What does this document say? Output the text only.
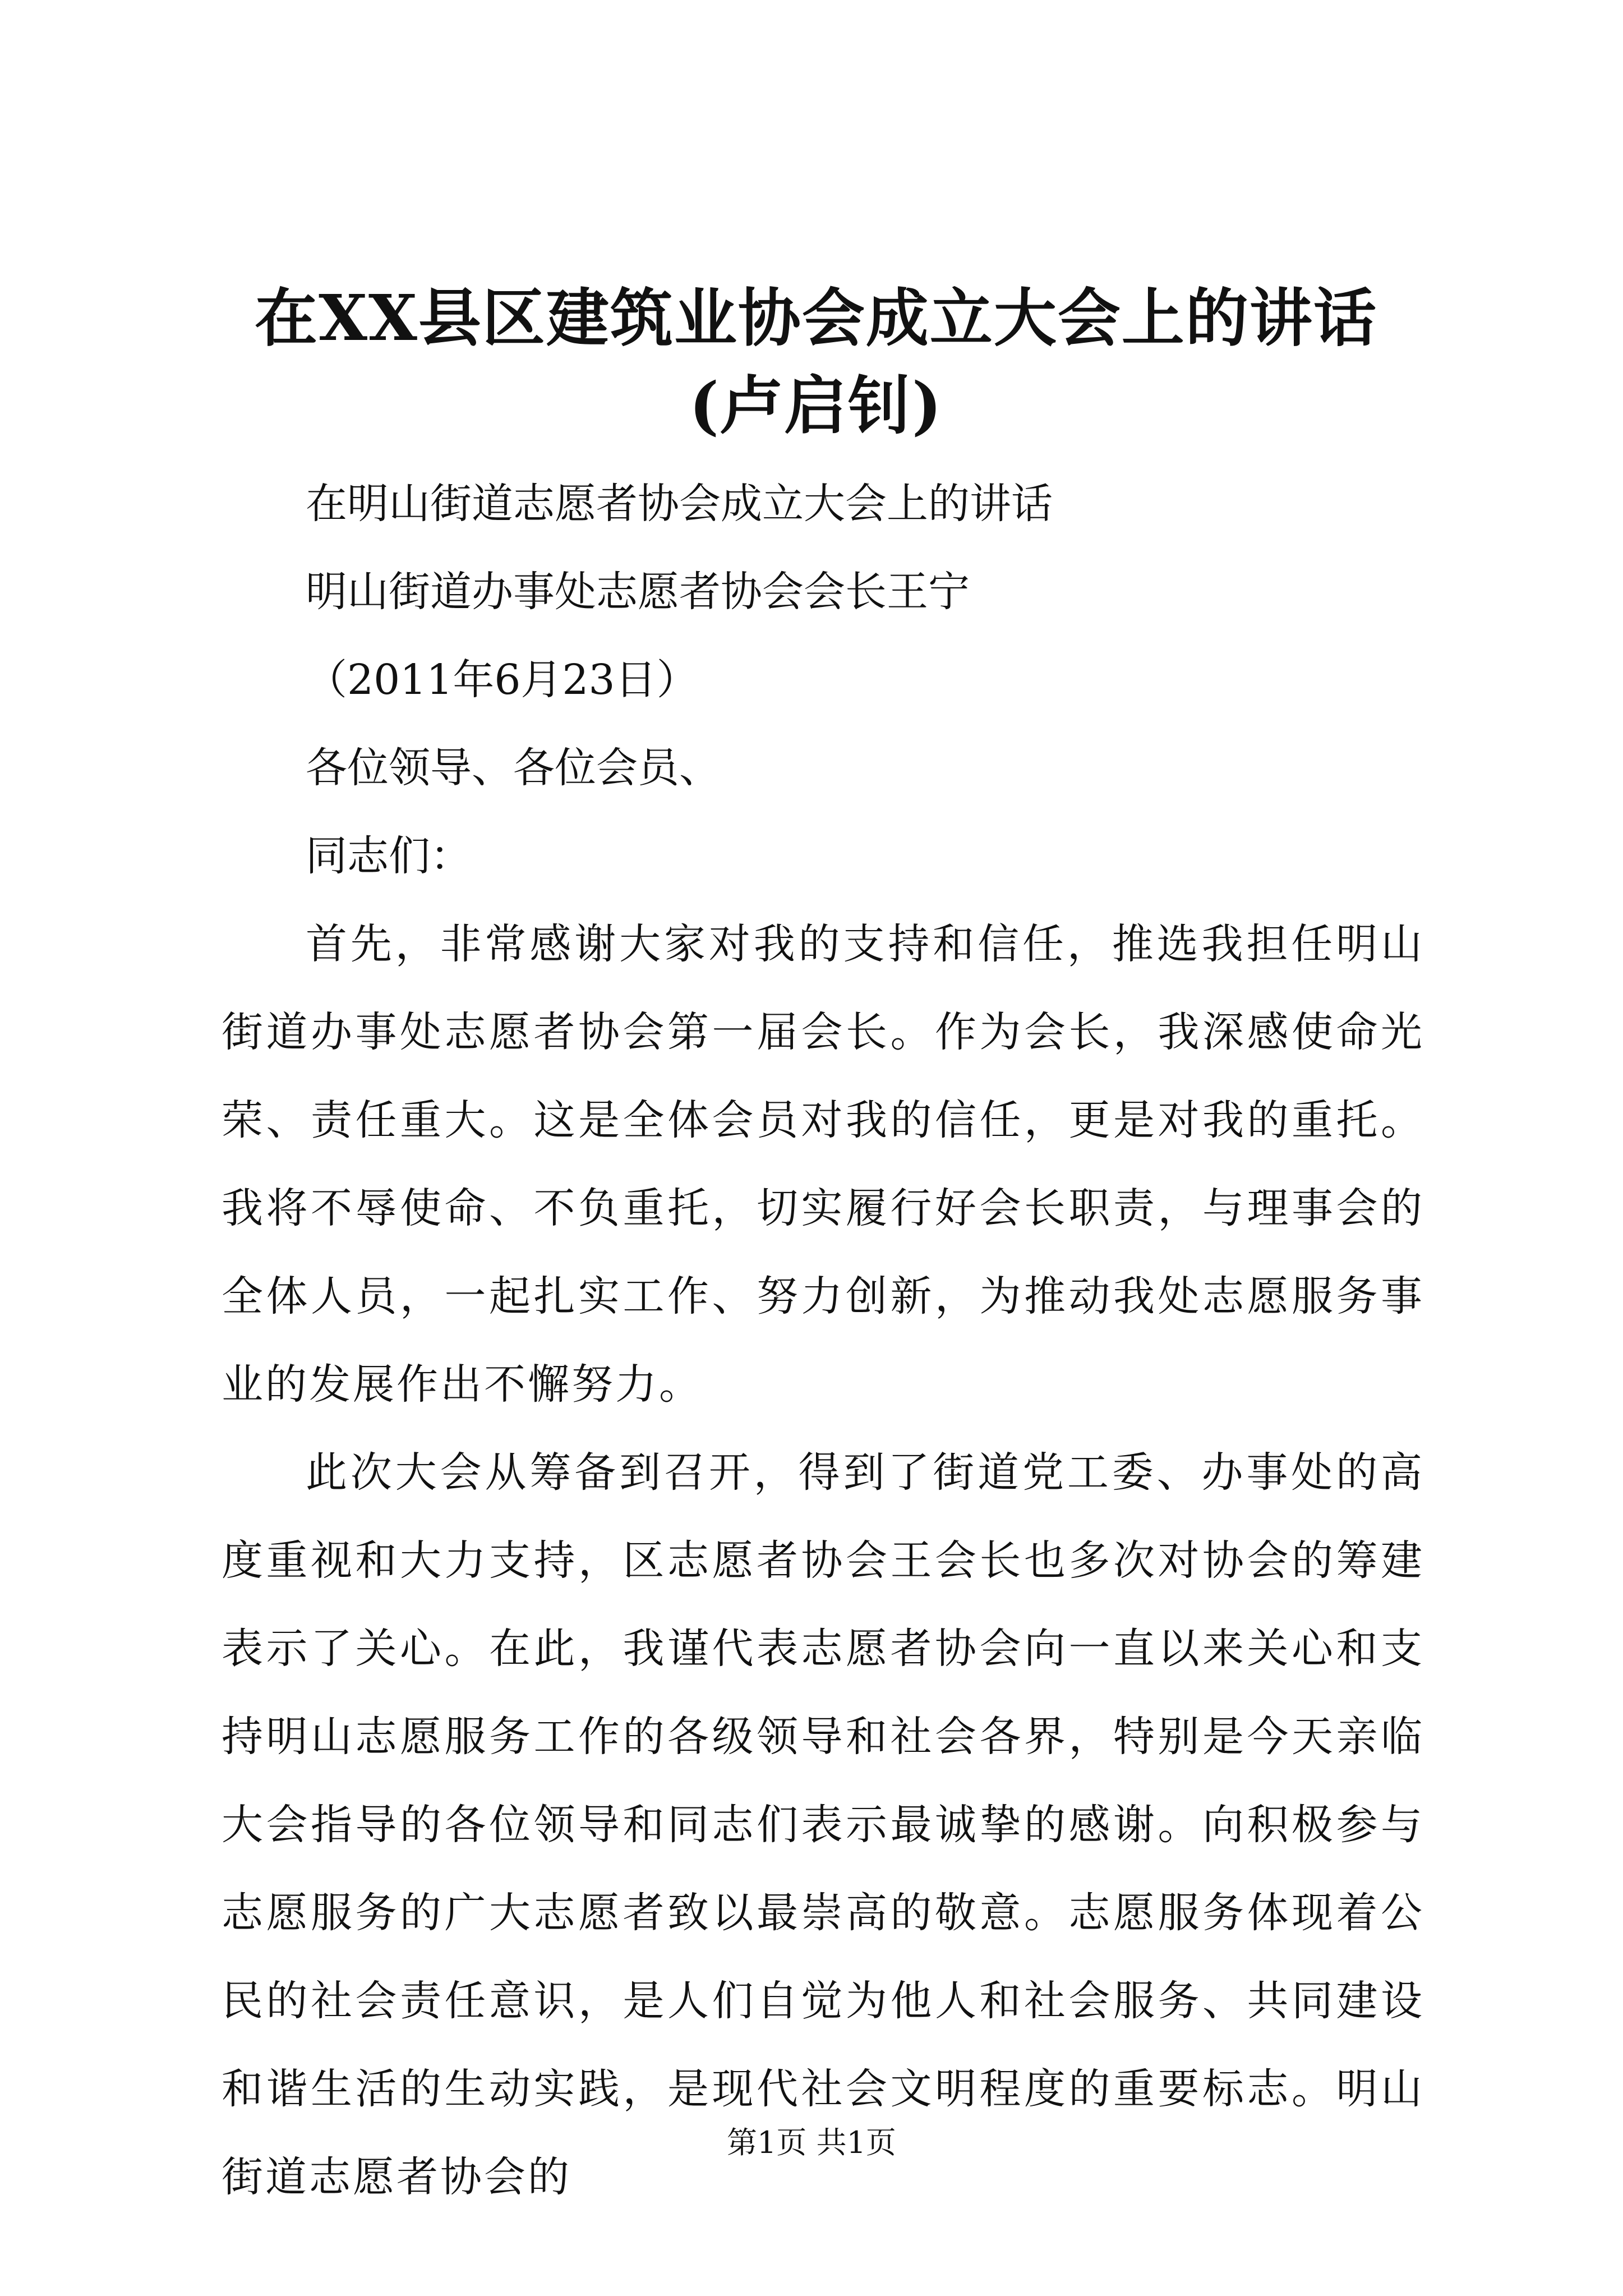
在XX县区建筑业协会成立大会上的讲话(卢启钊)

在明山街道志愿者协会成立大会上的讲话

明山街道办事处志愿者协会会长王宁

（2011年6月23日）

各位领导、各位会员、

同志们：

首先，非常感谢大家对我的支持和信任，推选我担任明山街道办事处志愿者协会第一届会长。作为会长，我深感使命光荣、责任重大。这是全体会员对我的信任，更是对我的重托。我将不辱使命、不负重托，切实履行好会长职责，与理事会的全体人员，一起扎实工作、努力创新，为推动我处志愿服务事业的发展作出不懈努力。

此次大会从筹备到召开，得到了街道党工委、办事处的高度重视和大力支持，区志愿者协会王会长也多次对协会的筹建表示了关心。在此，我谨代表志愿者协会向一直以来关心和支持明山志愿服务工作的各级领导和社会各界，特别是今天亲临大会指导的各位领导和同志们表示最诚挚的感谢。向积极参与志愿服务的广大志愿者致以最崇高的敬意。志愿服务体现着公民的社会责任意识，是人们自觉为他人和社会服务、共同建设和谐生活的生动实践，是现代社会文明程度的重要标志。明山街道志愿者协会的

第1页 共1页
